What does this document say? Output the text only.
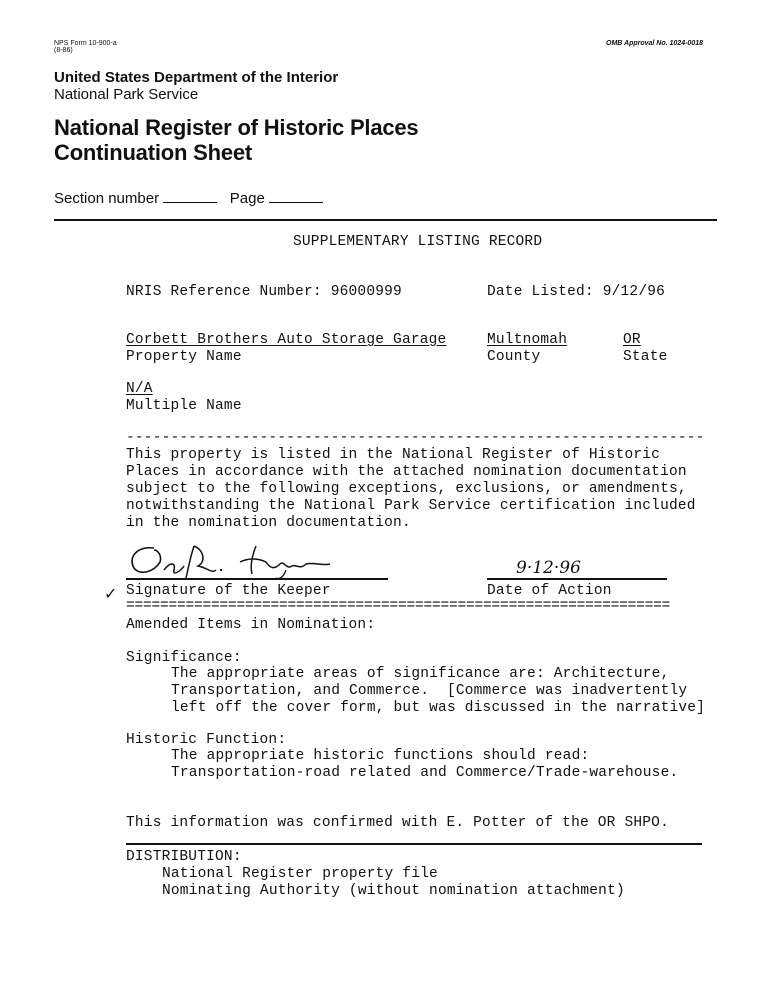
NPS Form 10-900-a
(8-86)
OMB Approval No. 1024-0018
United States Department of the Interior
National Park Service
National Register of Historic Places
Continuation Sheet
Section number	Page
SUPPLEMENTARY LISTING RECORD
NRIS Reference Number: 96000999	Date Listed: 9/12/96
Corbett Brothers Auto Storage Garage	Multnomah	OR
Property Name	County	State
N/A
Multiple Name
-----------------------------------------------------------------
This property is listed in the National Register of Historic
Places in accordance with the attached nomination documentation
subject to the following exceptions, exclusions, or amendments,
notwithstanding the National Park Service certification included
in the nomination documentation.
9·12·96
✓ Signature of the Keeper	Date of Action
================================================================
Amended Items in Nomination:
Significance:
The appropriate areas of significance are: Architecture,
Transportation, and Commerce.  [Commerce was inadvertently
left off the cover form, but was discussed in the narrative]
Historic Function:
The appropriate historic functions should read:
Transportation-road related and Commerce/Trade-warehouse.
This information was confirmed with E. Potter of the OR SHPO.
DISTRIBUTION:
National Register property file
Nominating Authority (without nomination attachment)
